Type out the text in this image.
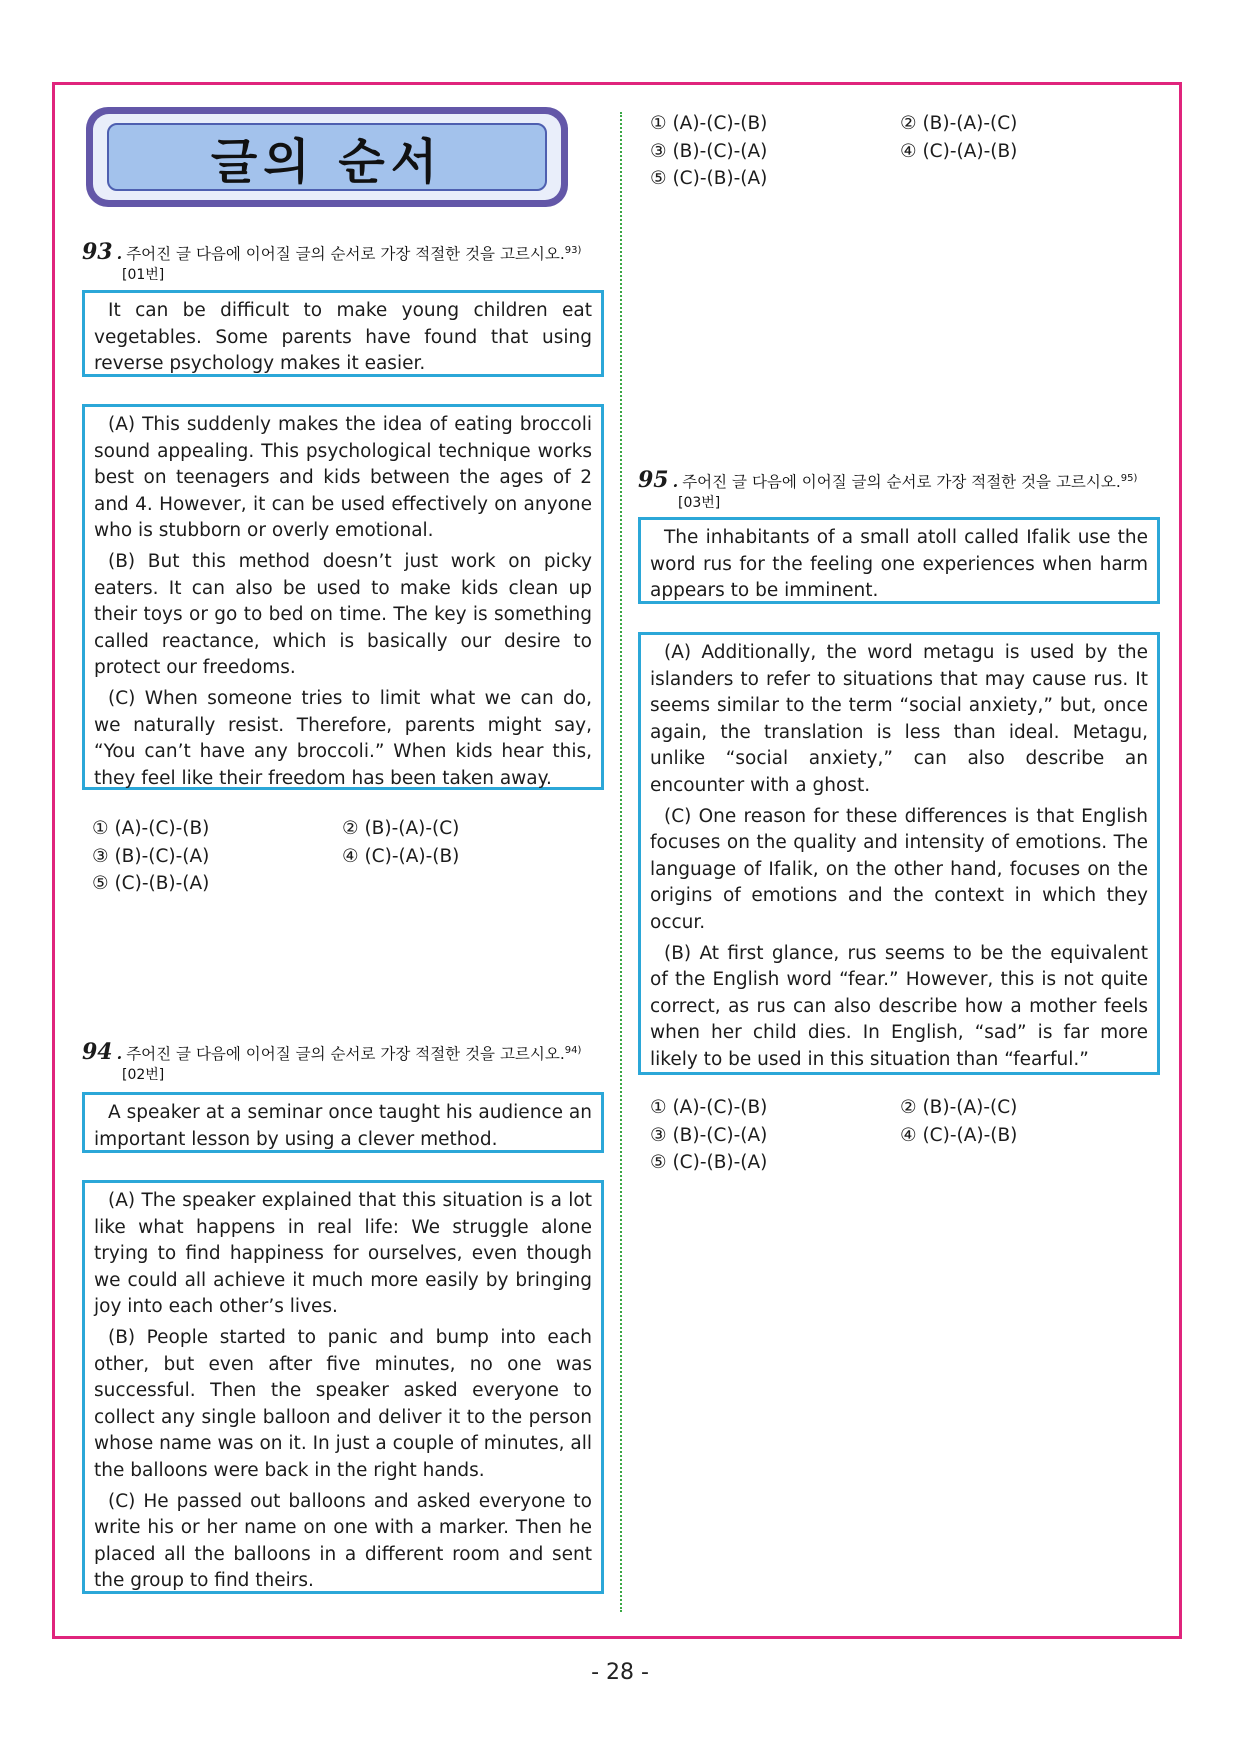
글의 순서
① (A)-(C)-(B)	② (B)-(A)-(C)
③ (B)-(C)-(A)	④ (C)-(A)-(B)
⑤ (C)-(B)-(A)
93 . 주어진 글 다음에 이어질 글의 순서로 가장 적절한 것을 고르시오.$^{93)}$
[01번]

It can be difficult to make young children eat vegetables. Some parents have found that using reverse psychology makes it easier.

(A) This suddenly makes the idea of eating broccoli sound appealing. This psychological technique works best on teenagers and kids between the ages of 2 and 4. However, it can be used effectively on anyone who is stubborn or overly emotional.

(B) But this method doesn’t just work on picky eaters. It can also be used to make kids clean up their toys or go to bed on time. The key is something called reactance, which is basically our desire to protect our freedoms.

(C) When someone tries to limit what we can do, we naturally resist. Therefore, parents might say, “You can’t have any broccoli.” When kids hear this, they feel like their freedom has been taken away.

① (A)-(C)-(B)	② (B)-(A)-(C)
③ (B)-(C)-(A)	④ (C)-(A)-(B)
⑤ (C)-(B)-(A)
94 . 주어진 글 다음에 이어질 글의 순서로 가장 적절한 것을 고르시오.$^{94)}$
[02번]

A speaker at a seminar once taught his audience an important lesson by using a clever method.

(A) The speaker explained that this situation is a lot like what happens in real life: We struggle alone trying to find happiness for ourselves, even though we could all achieve it much more easily by bringing joy into each other’s lives.

(B) People started to panic and bump into each other, but even after five minutes, no one was successful. Then the speaker asked everyone to collect any single balloon and deliver it to the person whose name was on it. In just a couple of minutes, all the balloons were back in the right hands.

(C) He passed out balloons and asked everyone to write his or her name on one with a marker. Then he placed all the balloons in a different room and sent the group to find theirs.

95 . 주어진 글 다음에 이어질 글의 순서로 가장 적절한 것을 고르시오.$^{95)}$
[03번]

The inhabitants of a small atoll called Ifalik use the word rus for the feeling one experiences when harm appears to be imminent.

(A) Additionally, the word metagu is used by the islanders to refer to situations that may cause rus. It seems similar to the term “social anxiety,” but, once again, the translation is less than ideal. Metagu, unlike “social anxiety,” can also describe an encounter with a ghost.

(C) One reason for these differences is that English focuses on the quality and intensity of emotions. The language of Ifalik, on the other hand, focuses on the origins of emotions and the context in which they occur.

(B) At first glance, rus seems to be the equivalent of the English word “fear.” However, this is not quite correct, as rus can also describe how a mother feels when her child dies. In English, “sad” is far more likely to be used in this situation than “fearful.”

① (A)-(C)-(B)	② (B)-(A)-(C)
③ (B)-(C)-(A)	④ (C)-(A)-(B)
⑤ (C)-(B)-(A)
- 28 -
